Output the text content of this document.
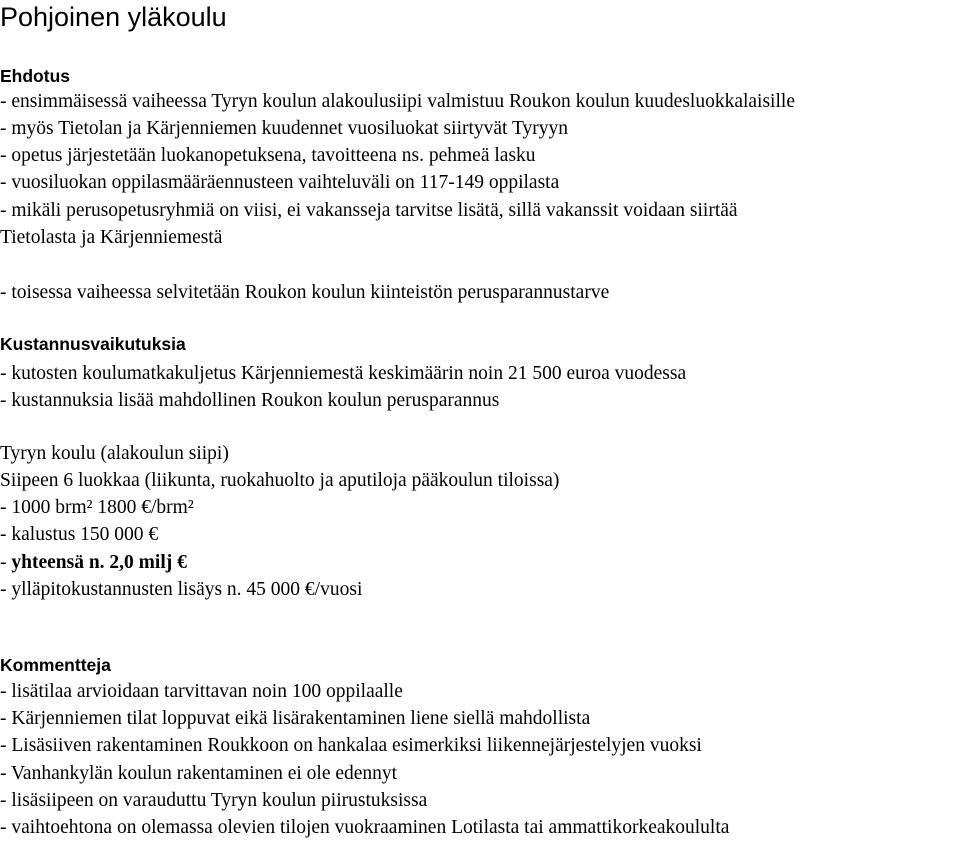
Pohjoinen yläkoulu
Ehdotus
- ensimmäisessä vaiheessa Tyryn koulun alakoulusiipi valmistuu Roukon koulun kuudesluokkalaisille
- myös Tietolan ja Kärjenniemen kuudennet vuosiluokat siirtyvät Tyryyn
- opetus järjestetään luokanopetuksena, tavoitteena ns. pehmeä lasku
- vuosiluokan oppilasmääräennusteen vaihteluväli on 117-149 oppilasta
- mikäli perusopetusryhmiä on viisi, ei vakansseja tarvitse lisätä, sillä vakanssit voidaan siirtää
Tietolasta ja Kärjenniemestä
- toisessa vaiheessa selvitetään Roukon koulun kiinteistön perusparannustarve
Kustannusvaikutuksia
- kutosten koulumatkakuljetus Kärjenniemestä keskimäärin noin 21 500 euroa vuodessa
- kustannuksia lisää mahdollinen Roukon koulun perusparannus
Tyryn koulu (alakoulun siipi)
Siipeen 6 luokkaa (liikunta, ruokahuolto ja aputiloja pääkoulun tiloissa)
- 1000 brm² 1800 €/brm²
- kalustus 150 000 €
- yhteensä n. 2,0 milj €
- ylläpitokustannusten lisäys n. 45 000 €/vuosi
Kommentteja
- lisätilaa arvioidaan tarvittavan noin 100 oppilaalle
- Kärjenniemen tilat loppuvat eikä lisärakentaminen liene siellä mahdollista
- Lisäsiiven rakentaminen Roukkoon on hankalaa esimerkiksi liikennejärjestelyjen vuoksi
- Vanhankylän koulun rakentaminen ei ole edennyt
- lisäsiipeen on varauduttu Tyryn koulun piirustuksissa
- vaihtoehtona on olemassa olevien tilojen vuokraaminen Lotilasta tai ammattikorkeakoululta
